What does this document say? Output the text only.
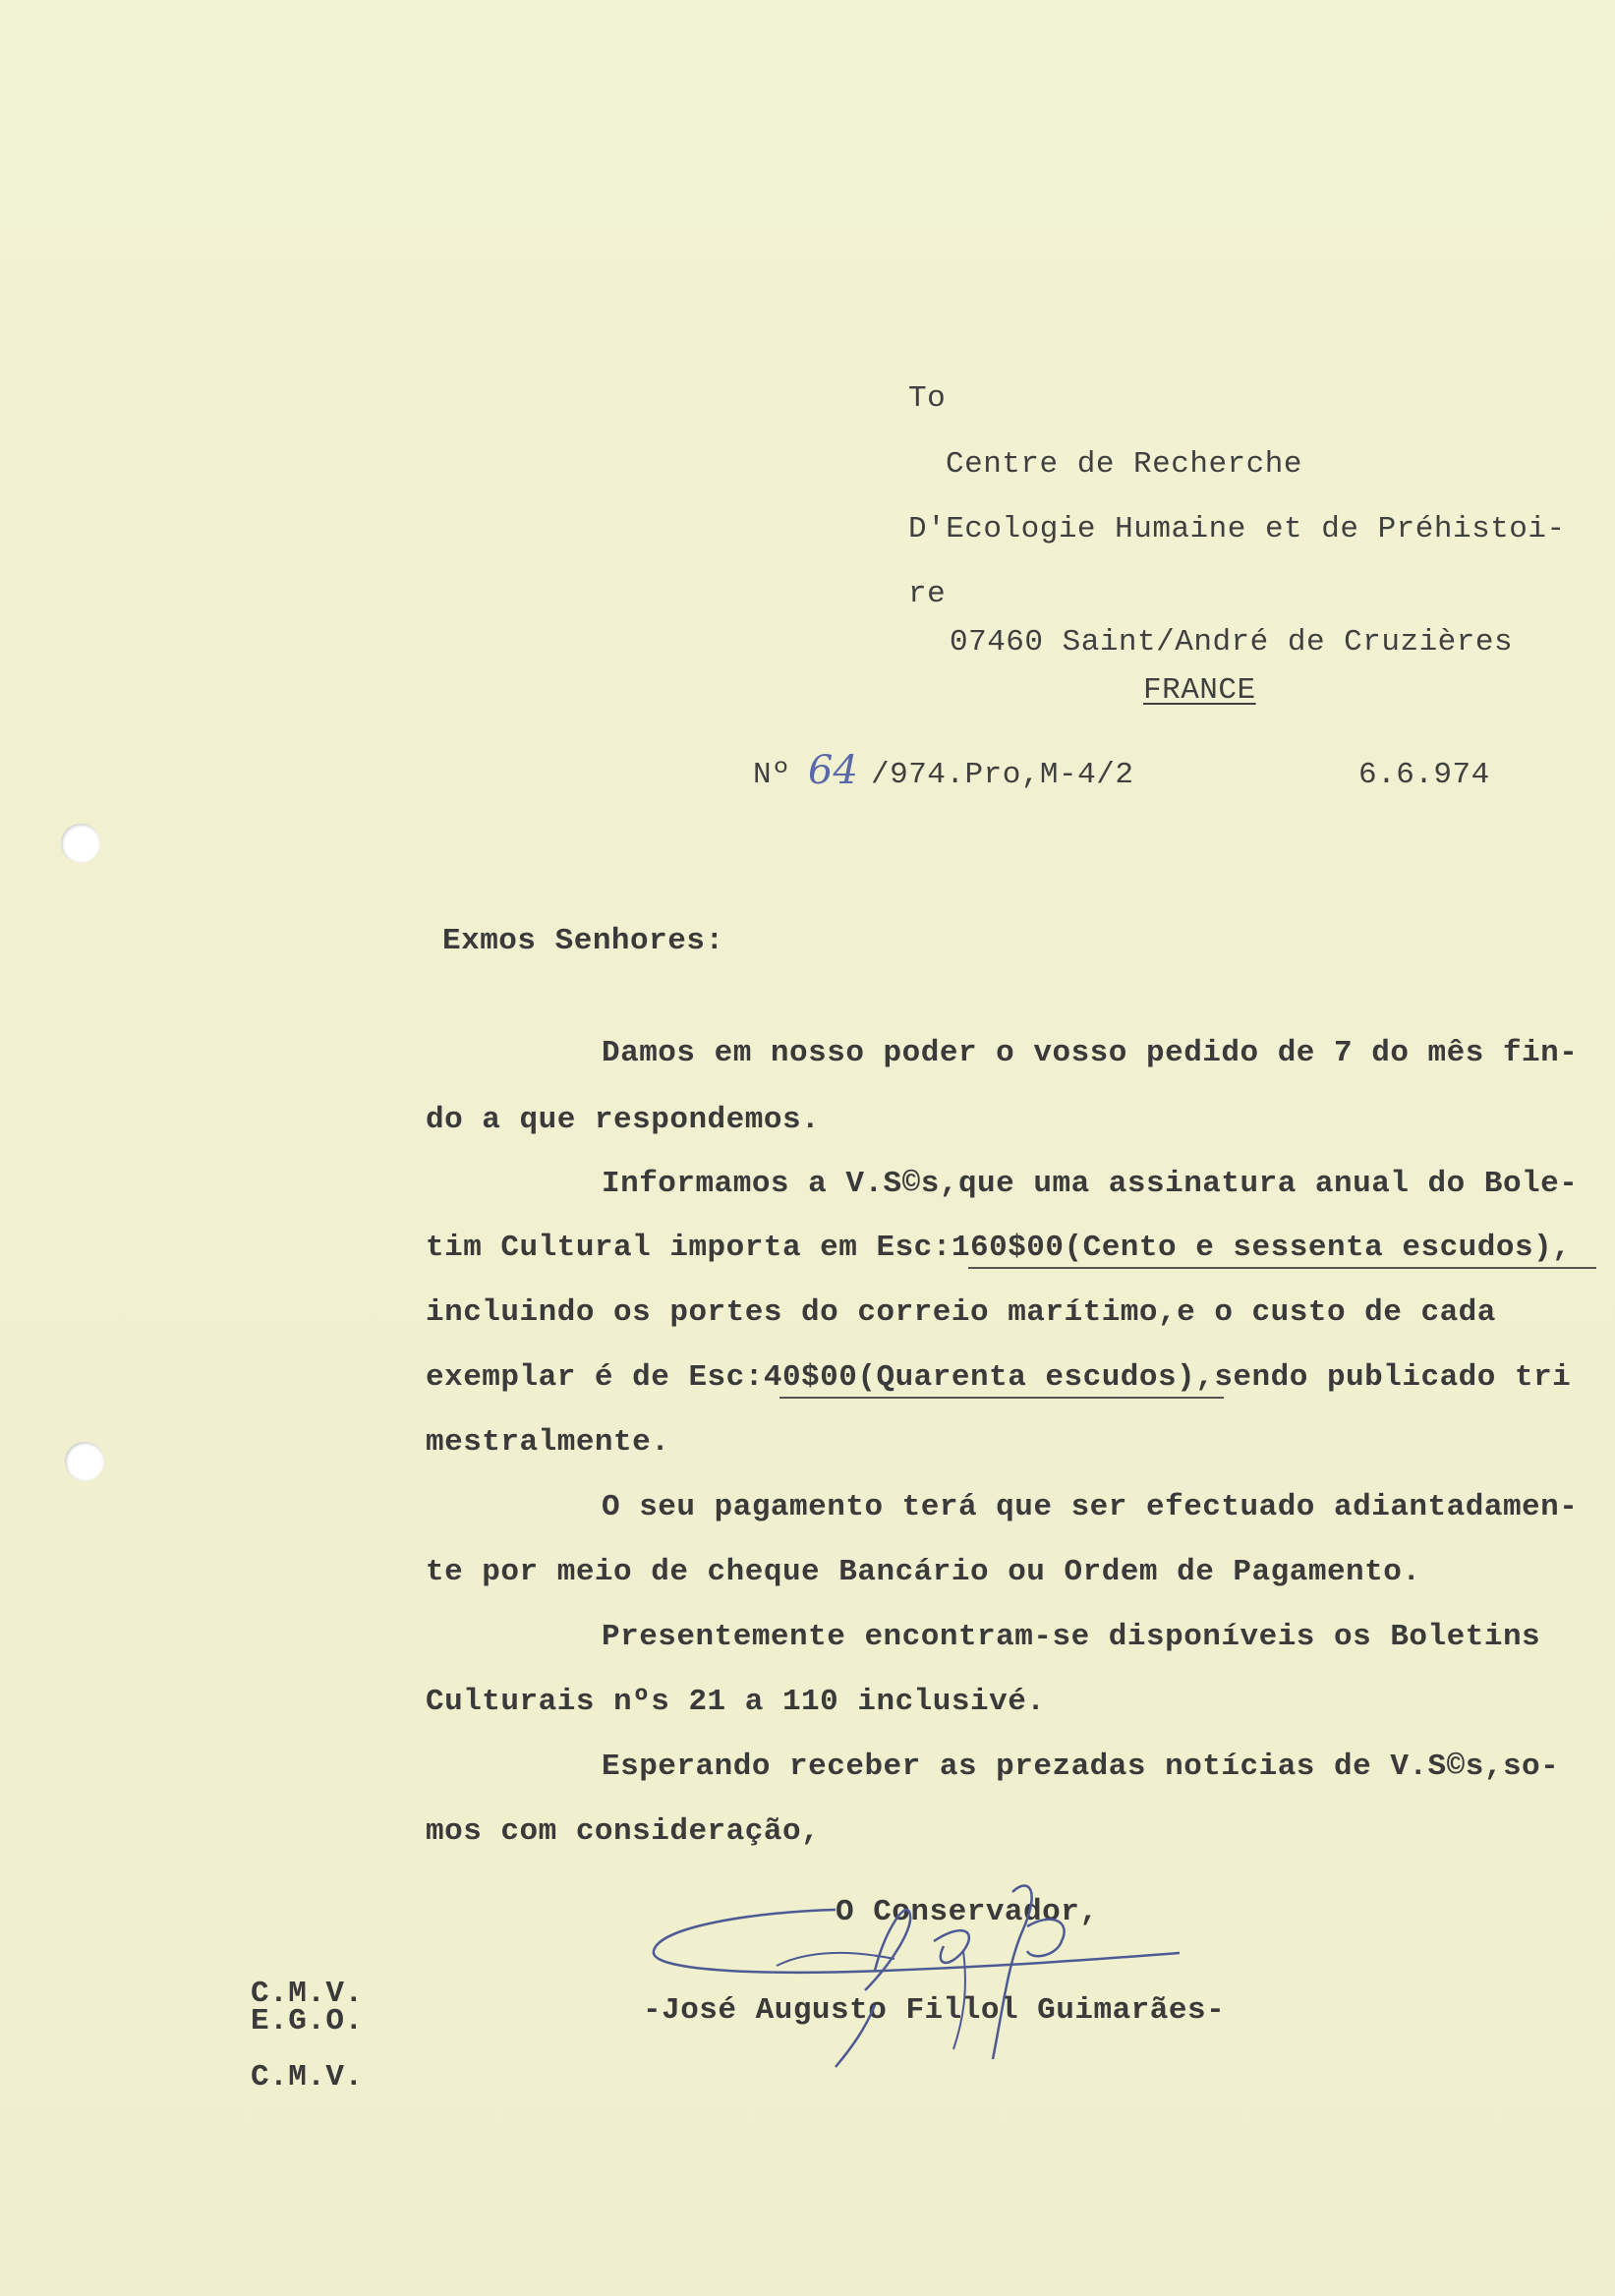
To
Centre de Recherche
D'Ecologie Humaine et de Préhistoi-
re
07460 Saint/André de Cruzières
FRANCE
Nº 64 /974.Pro,M-4/2	6.6.974
Exmos Senhores:
Damos em nosso poder o vosso pedido de 7 do mês fin-
do a que respondemos.
Informamos a V.S©s,que uma assinatura anual do Bole-
tim Cultural importa em Esc:160$00(Cento e sessenta escudos),
incluindo os portes do correio marítimo,e o custo de cada
exemplar é de Esc:40$00(Quarenta escudos),sendo publicado tri
mestralmente.
O seu pagamento terá que ser efectuado adiantadamen-
te por meio de cheque Bancário ou Ordem de Pagamento.
Presentemente encontram-se disponíveis os Boletins
Culturais nºs 21 a 110 inclusivé.
Esperando receber as prezadas notícias de V.S©s,so-
mos com consideração,
O Conservador,
-José Augusto Fillol Guimarães-
C.M.V.
E.G.O.
C.M.V.
